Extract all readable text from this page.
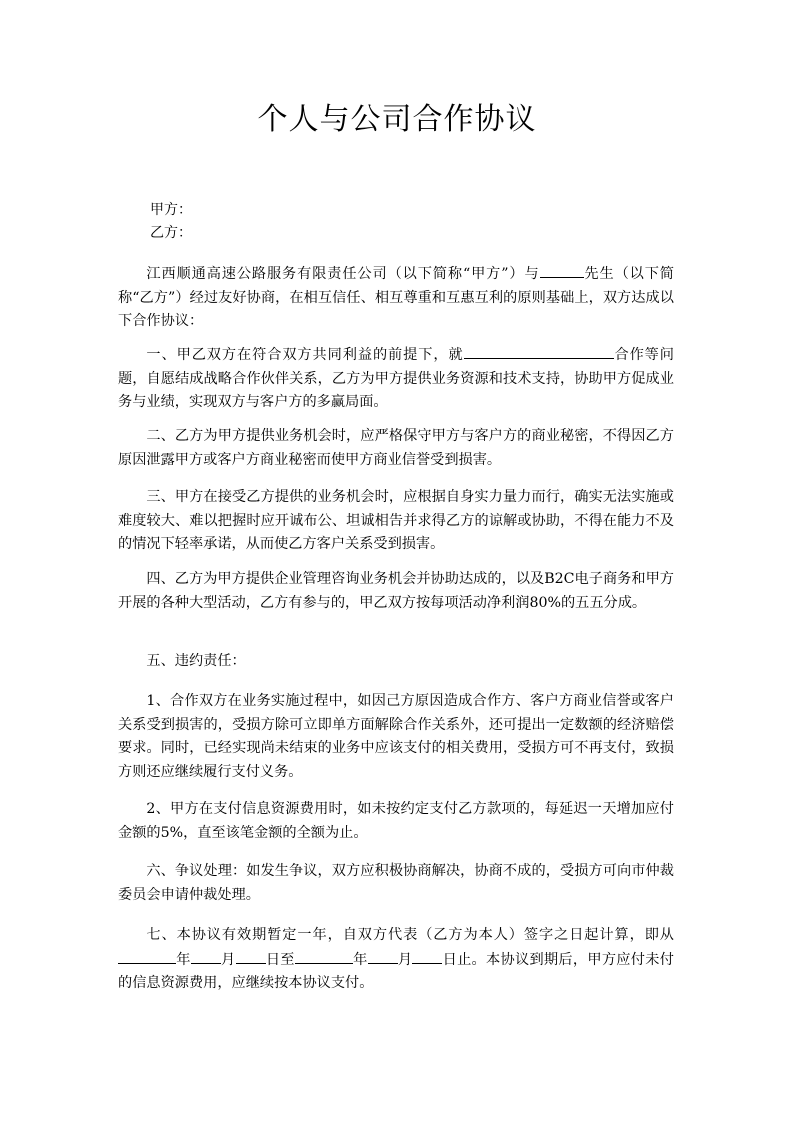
个人与公司合作协议

甲方：

乙方：

江西顺通高速公路服务有限责任公司（以下简称“甲方”）与	先生（以下简称“乙方”）经过友好协商，在相互信任、相互尊重和互惠互利的原则基础上，双方达成以下合作协议：

一、甲乙双方在符合双方共同利益的前提下，就	合作等问题，自愿结成战略合作伙伴关系，乙方为甲方提供业务资源和技术支持，协助甲方促成业务与业绩，实现双方与客户方的多赢局面。

二、乙方为甲方提供业务机会时，应严格保守甲方与客户方的商业秘密，不得因乙方原因泄露甲方或客户方商业秘密而使甲方商业信誉受到损害。

三、甲方在接受乙方提供的业务机会时，应根据自身实力量力而行，确实无法实施或难度较大、难以把握时应开诚布公、坦诚相告并求得乙方的谅解或协助，不得在能力不及的情况下轻率承诺，从而使乙方客户关系受到损害。

四、乙方为甲方提供企业管理咨询业务机会并协助达成的，以及B2C电子商务和甲方开展的各种大型活动，乙方有参与的，甲乙双方按每项活动净利润80%的五五分成。

五、违约责任：

1、合作双方在业务实施过程中，如因己方原因造成合作方、客户方商业信誉或客户关系受到损害的，受损方除可立即单方面解除合作关系外，还可提出一定数额的经济赔偿要求。同时，已经实现尚未结束的业务中应该支付的相关费用，受损方可不再支付，致损方则还应继续履行支付义务。

2、甲方在支付信息资源费用时，如未按约定支付乙方款项的，每延迟一天增加应付金额的5%，直至该笔金额的全额为止。

六、争议处理：如发生争议，双方应积极协商解决，协商不成的，受损方可向市仲裁委员会申请仲裁处理。

七、本协议有效期暂定一年，自双方代表（乙方为本人）签字之日起计算，即从年 月 日至	年 月 日止。本协议到期后，甲方应付未付的信息资源费用，应继续按本协议支付。
